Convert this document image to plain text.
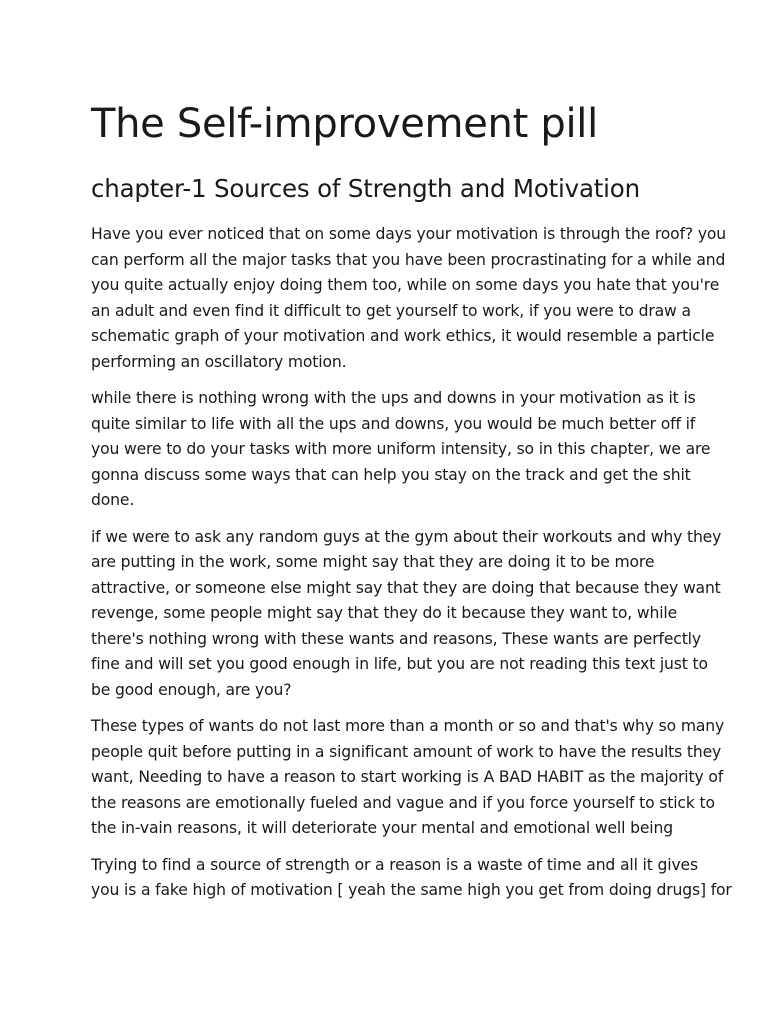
The Self-improvement pill
chapter-1 Sources of Strength and Motivation

Have you ever noticed that on some days your motivation is through the roof? you
can perform all the major tasks that you have been procrastinating for a while and
you quite actually enjoy doing them too, while on some days you hate that you're
an adult and even find it difficult to get yourself to work, if you were to draw a
schematic graph of your motivation and work ethics, it would resemble a particle
performing an oscillatory motion.

while there is nothing wrong with the ups and downs in your motivation as it is
quite similar to life with all the ups and downs, you would be much better off if
you were to do your tasks with more uniform intensity, so in this chapter, we are
gonna discuss some ways that can help you stay on the track and get the shit
done.

if we were to ask any random guys at the gym about their workouts and why they
are putting in the work, some might say that they are doing it to be more
attractive, or someone else might say that they are doing that because they want
revenge, some people might say that they do it because they want to, while
there's nothing wrong with these wants and reasons, These wants are perfectly
fine and will set you good enough in life, but you are not reading this text just to
be good enough, are you?

These types of wants do not last more than a month or so and that's why so many
people quit before putting in a significant amount of work to have the results they
want, Needing to have a reason to start working is A BAD HABIT as the majority of
the reasons are emotionally fueled and vague and if you force yourself to stick to
the in-vain reasons, it will deteriorate your mental and emotional well being

Trying to find a source of strength or a reason is a waste of time and all it gives
you is a fake high of motivation [ yeah the same high you get from doing drugs] for
